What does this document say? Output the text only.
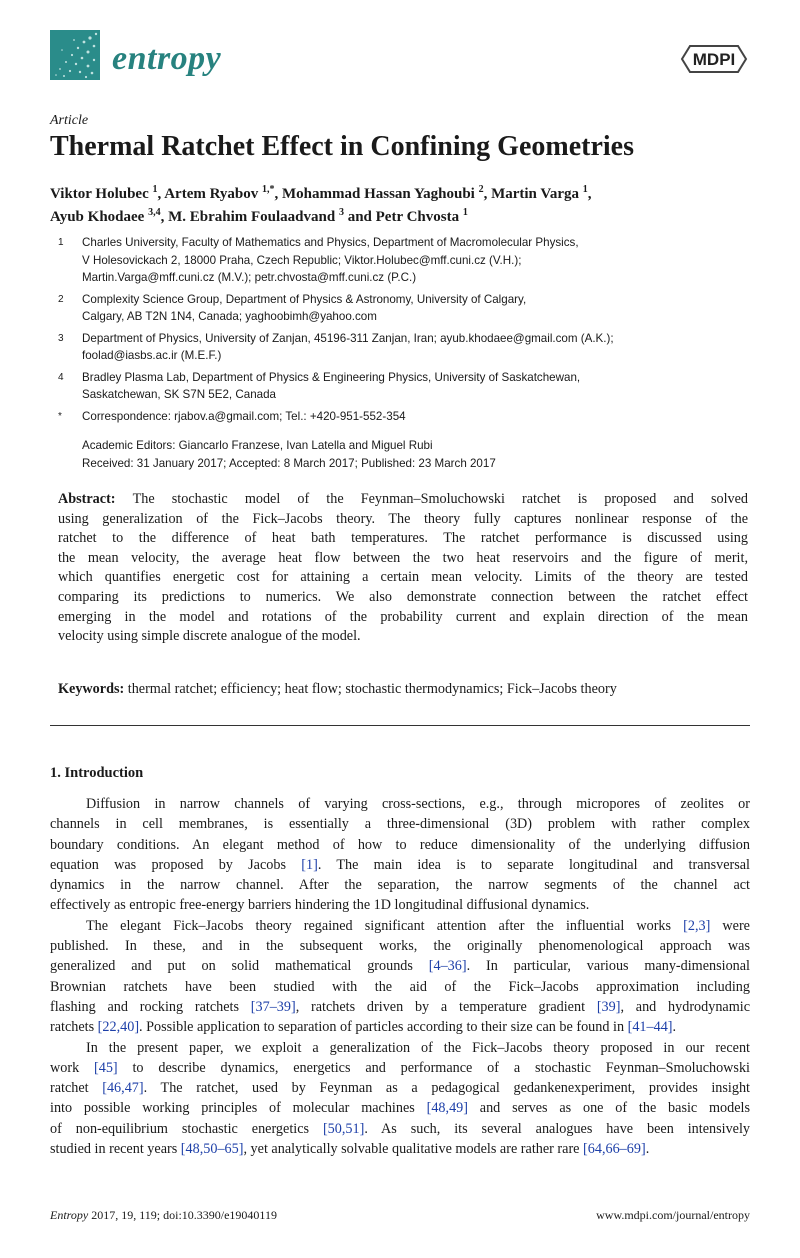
entropy	MDPI
Article
Thermal Ratchet Effect in Confining Geometries
Viktor Holubec $^1$, Artem Ryabov $^{1,*}$, Mohammad Hassan Yaghoubi $^2$, Martin Varga $^1$,
Ayub Khodaee $^{3,4}$, M. Ebrahim Foulaadvand $^3$ and Petr Chvosta $^1$
1	Charles University, Faculty of Mathematics and Physics, Department of Macromolecular Physics,
V Holesovickach 2, 18000 Praha, Czech Republic; Viktor.Holubec@mff.cuni.cz (V.H.);
Martin.Varga@mff.cuni.cz (M.V.); petr.chvosta@mff.cuni.cz (P.C.)
2	Complexity Science Group, Department of Physics & Astronomy, University of Calgary,
Calgary, AB T2N 1N4, Canada; yaghoobimh@yahoo.com
3	Department of Physics, University of Zanjan, 45196-311 Zanjan, Iran; ayub.khodaee@gmail.com (A.K.);
foolad@iasbs.ac.ir (M.E.F.)
4	Bradley Plasma Lab, Department of Physics & Engineering Physics, University of Saskatchewan,
Saskatchewan, SK S7N 5E2, Canada
*	Correspondence: rjabov.a@gmail.com; Tel.: +420-951-552-354
Academic Editors: Giancarlo Franzese, Ivan Latella and Miguel Rubi
Received: 31 January 2017; Accepted: 8 March 2017; Published: 23 March 2017
Abstract: The stochastic model of the Feynman–Smoluchowski ratchet is proposed and solved
using generalization of the Fick–Jacobs theory. The theory fully captures nonlinear response of the
ratchet to the difference of heat bath temperatures. The ratchet performance is discussed using
the mean velocity, the average heat flow between the two heat reservoirs and the figure of merit,
which quantifies energetic cost for attaining a certain mean velocity. Limits of the theory are tested
comparing its predictions to numerics. We also demonstrate connection between the ratchet effect
emerging in the model and rotations of the probability current and explain direction of the mean
velocity using simple discrete analogue of the model.
Keywords: thermal ratchet; efficiency; heat flow; stochastic thermodynamics; Fick–Jacobs theory
1. Introduction
Diffusion in narrow channels of varying cross-sections, e.g., through micropores of zeolites or
channels in cell membranes, is essentially a three-dimensional (3D) problem with rather complex
boundary conditions. An elegant method of how to reduce dimensionality of the underlying diffusion
equation was proposed by Jacobs [1]. The main idea is to separate longitudinal and transversal
dynamics in the narrow channel. After the separation, the narrow segments of the channel act
effectively as entropic free-energy barriers hindering the 1D longitudinal diffusional dynamics.
The elegant Fick–Jacobs theory regained significant attention after the influential works [2,3] were
published. In these, and in the subsequent works, the originally phenomenological approach was
generalized and put on solid mathematical grounds [4–36]. In particular, various many-dimensional
Brownian ratchets have been studied with the aid of the Fick–Jacobs approximation including
flashing and rocking ratchets [37–39], ratchets driven by a temperature gradient [39], and hydrodynamic
ratchets [22,40]. Possible application to separation of particles according to their size can be found in [41–44].
In the present paper, we exploit a generalization of the Fick–Jacobs theory proposed in our recent
work [45] to describe dynamics, energetics and performance of a stochastic Feynman–Smoluchowski
ratchet [46,47]. The ratchet, used by Feynman as a pedagogical gedankenexperiment, provides insight
into possible working principles of molecular machines [48,49] and serves as one of the basic models
of non-equilibrium stochastic energetics [50,51]. As such, its several analogues have been intensively
studied in recent years [48,50–65], yet analytically solvable qualitative models are rather rare [64,66–69].
Entropy 2017, 19, 119; doi:10.3390/e19040119	www.mdpi.com/journal/entropy
